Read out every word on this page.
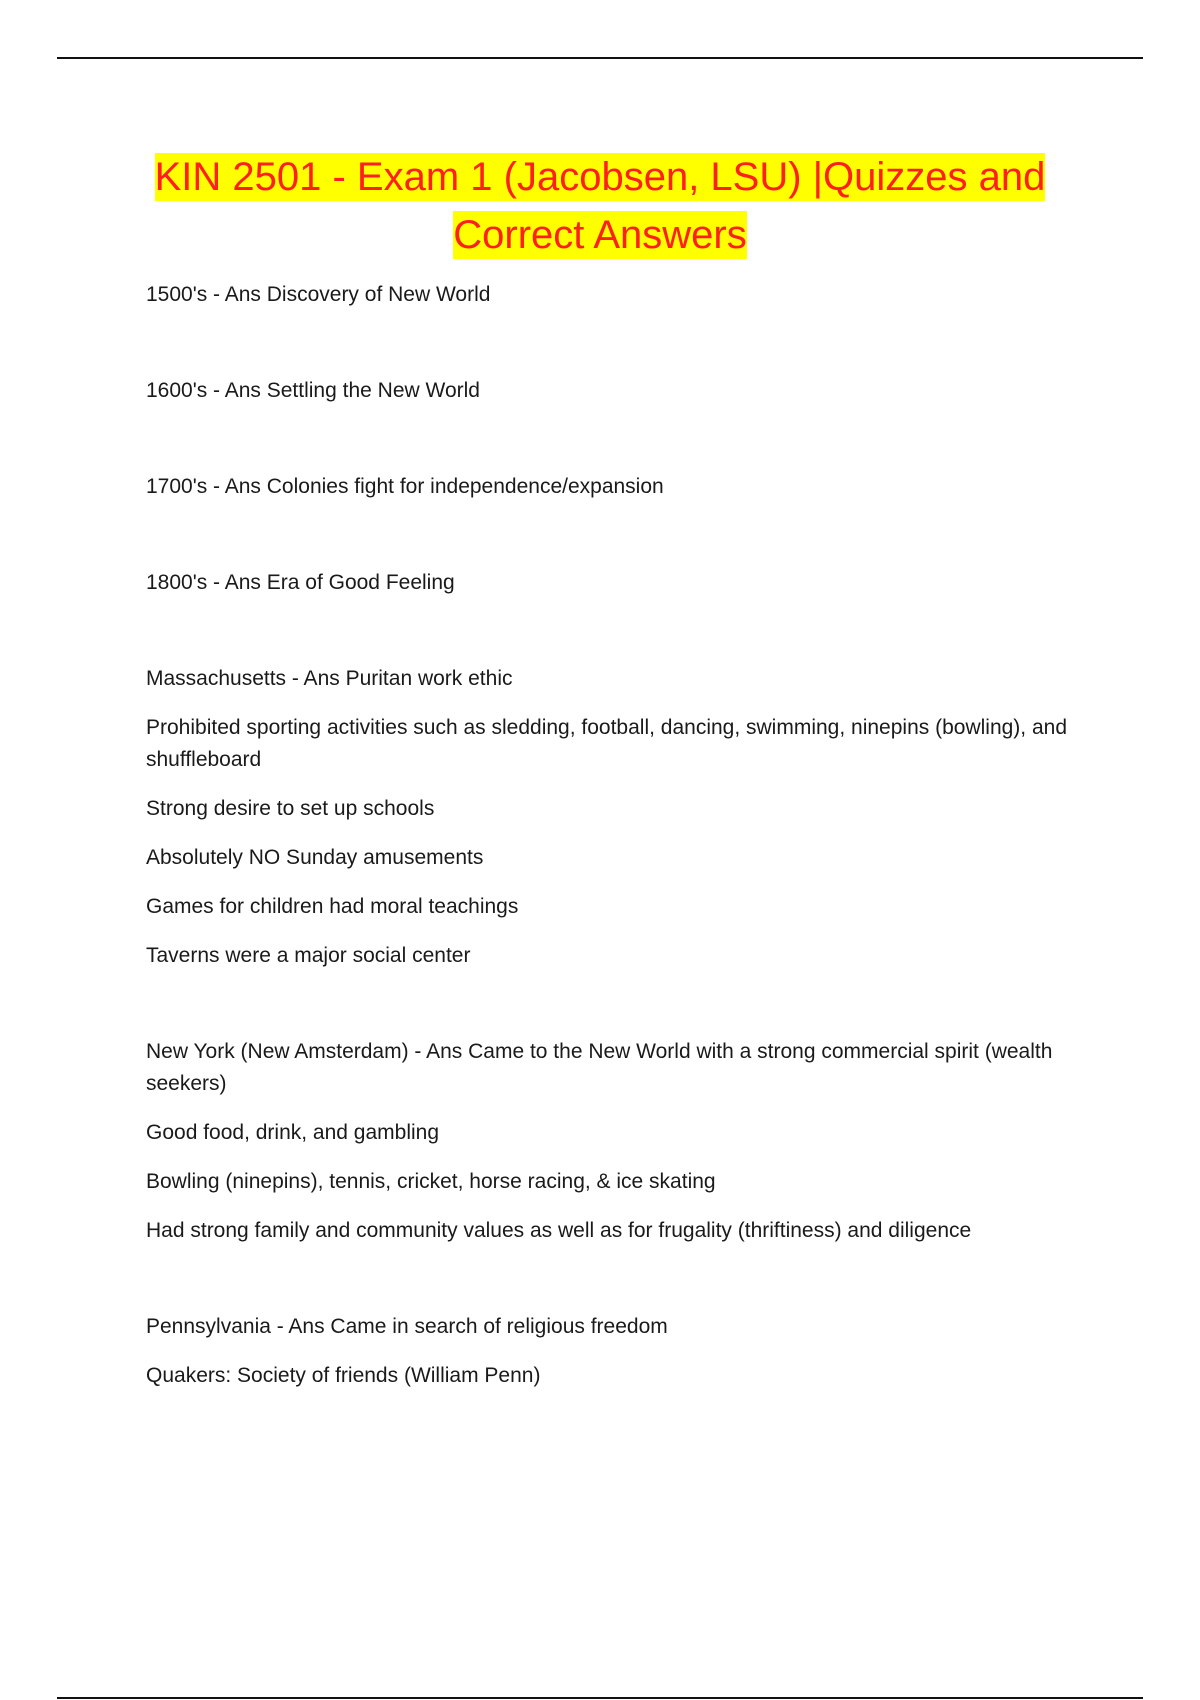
KIN 2501 - Exam 1 (Jacobsen, LSU) |Quizzes and
Correct Answers

1500's - Ans Discovery of New World

1600's - Ans Settling the New World

1700's - Ans Colonies fight for independence/expansion

1800's - Ans Era of Good Feeling

Massachusetts - Ans Puritan work ethic

Prohibited sporting activities such as sledding, football, dancing, swimming, ninepins (bowling), and shuffleboard

Strong desire to set up schools

Absolutely NO Sunday amusements

Games for children had moral teachings

Taverns were a major social center

New York (New Amsterdam) - Ans Came to the New World with a strong commercial spirit (wealth seekers)

Good food, drink, and gambling

Bowling (ninepins), tennis, cricket, horse racing, & ice skating

Had strong family and community values as well as for frugality (thriftiness) and diligence

Pennsylvania - Ans Came in search of religious freedom

Quakers: Society of friends (William Penn)
